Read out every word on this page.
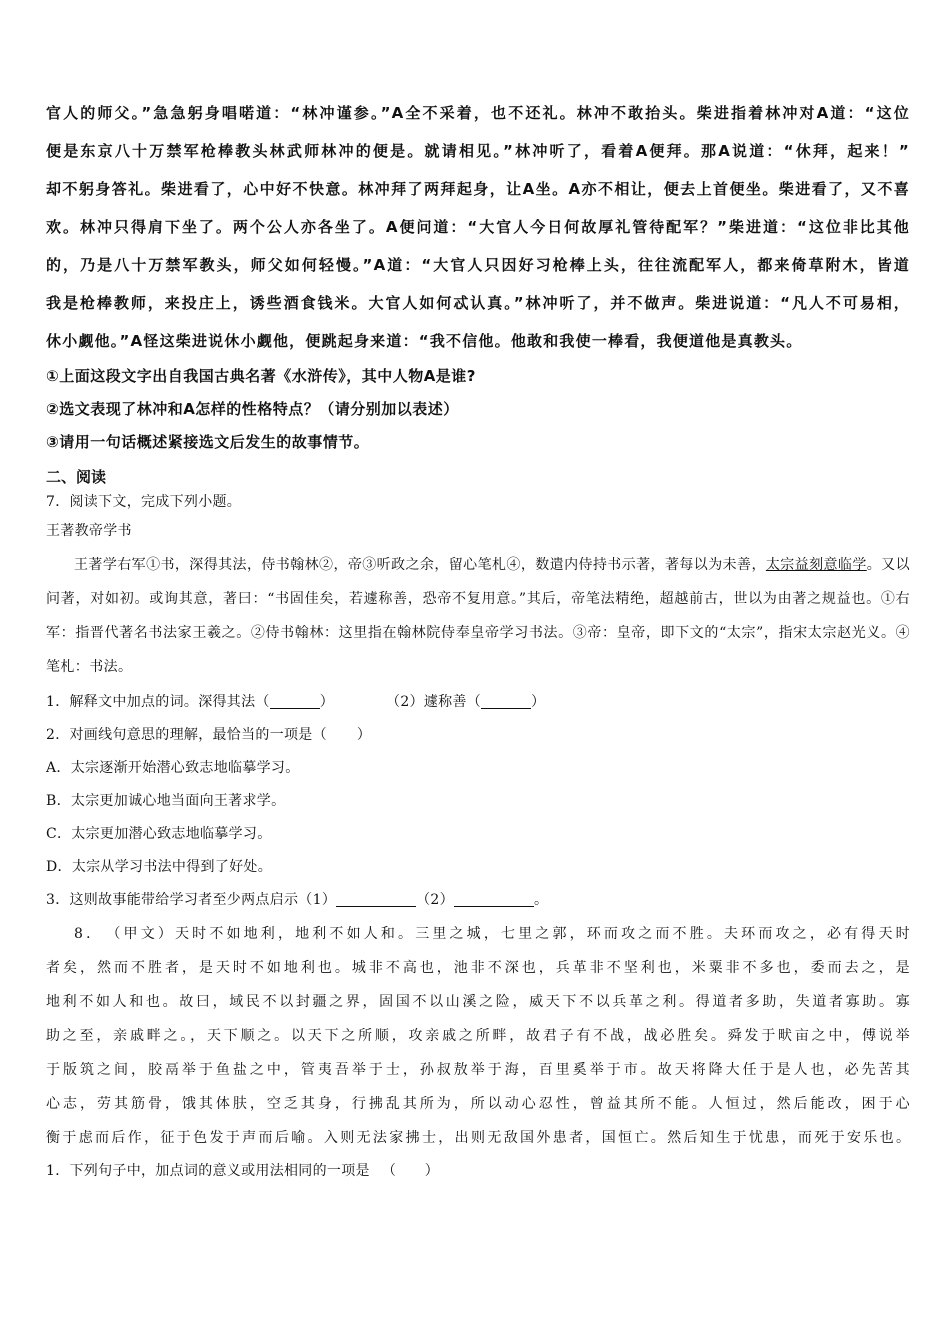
官人的师父。”急急躬身唱喏道：“林冲谨参。”A全不采着，也不还礼。林冲不敢抬头。柴进指着林冲对A道：“这位

便是东京八十万禁军枪棒教头林武师林冲的便是。就请相见。”林冲听了，看着A便拜。那A说道：“休拜，起来！”

却不躬身答礼。柴进看了，心中好不快意。林冲拜了两拜起身，让A坐。A亦不相让，便去上首便坐。柴进看了，又不喜

欢。林冲只得肩下坐了。两个公人亦各坐了。A便问道：“大官人今日何故厚礼管待配军？”柴进道：“这位非比其他

的，乃是八十万禁军教头，师父如何轻慢。”A道：“大官人只因好习枪棒上头，往往流配军人，都来倚草附木，皆道

我是枪棒教师，来投庄上，诱些酒食钱米。大官人如何忒认真。”林冲听了，并不做声。柴进说道：“凡人不可易相，

休小觑他。”A怪这柴进说休小觑他，便跳起身来道：“我不信他。他敢和我使一棒看，我便道他是真教头。

①上面这段文字出自我国古典名著《水浒传》，其中人物A是谁?

②选文表现了林冲和A怎样的性格特点？（请分别加以表述）

③请用一句话概述紧接选文后发生的故事情节。

二、阅读

7．阅读下文，完成下列小题。

王著教帝学书

王著学右军①书，深得其法，侍书翰林②，帝③听政之余，留心笔札④，数遣内侍持书示著，著每以为未善，太宗益刻意临学。又以问著，对如初。或询其意，著曰：“书固佳矣，若遽称善，恐帝不复用意。”其后，帝笔法精绝，超越前古，世以为由著之规益也。①右军：指晋代著名书法家王羲之。②侍书翰林：这里指在翰林院侍奉皇帝学习书法。③帝：皇帝，即下文的“太宗”，指宋太宗赵光义。④笔札：书法。

1．解释文中加点的词。深得其法（	）	（2）遽称善（	）

2．对画线句意思的理解，最恰当的一项是（ ）

A．太宗逐渐开始潜心致志地临摹学习。

B．太宗更加诚心地当面向王著求学。

C．太宗更加潜心致志地临摹学习。

D．太宗从学习书法中得到了好处。

3．这则故事能带给学习者至少两点启示（1）	（2）	。

8．　（甲文）天时不如地利，地利不如人和。三里之城，七里之郭，环而攻之而不胜。夫环而攻之，必有得天时

者矣，然而不胜者，是天时不如地利也。城非不高也，池非不深也，兵革非不坚利也，米粟非不多也，委而去之，是

地利不如人和也。故曰，域民不以封疆之界，固国不以山溪之险，威天下不以兵革之利。得道者多助，失道者寡助。寡

助之至，亲戚畔之。，天下顺之。以天下之所顺，攻亲戚之所畔，故君子有不战，战必胜矣。舜发于畎亩之中，傅说举

于版筑之间，胶鬲举于鱼盐之中，管夷吾举于士，孙叔敖举于海，百里奚举于市。故天将降大任于是人也，必先苦其

心志，劳其筋骨，饿其体肤，空乏其身，行拂乱其所为，所以动心忍性，曾益其所不能。人恒过，然后能改，困于心

衡于虑而后作，征于色发于声而后喻。入则无法家拂士，出则无敌国外患者，国恒亡。然后知生于忧患，而死于安乐也。

1．下列句子中，加点词的意义或用法相同的一项是 （　　）
